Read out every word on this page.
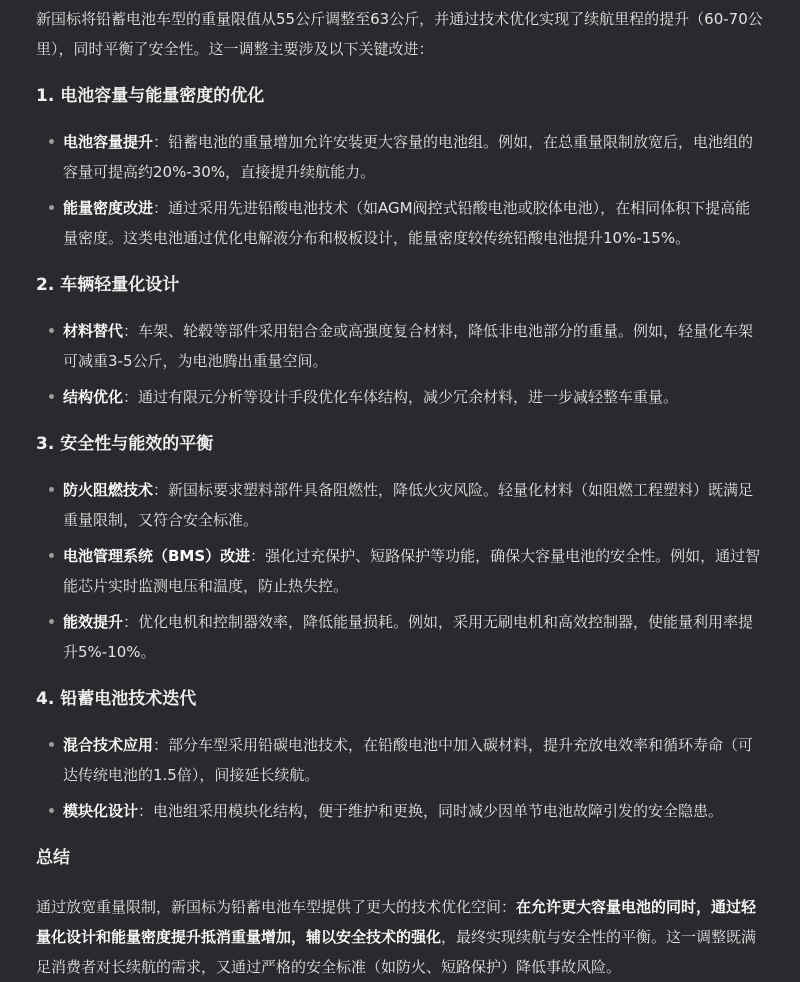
新国标将铅蓄电池车型的重量限值从55公斤调整至63公斤，并通过技术优化实现了续航里程的提升（60-70公里），同时平衡了安全性。这一调整主要涉及以下关键改进：

1. 电池容量与能量密度的优化
电池容量提升：铅蓄电池的重量增加允许安装更大容量的电池组。例如，在总重量限制放宽后，电池组的容量可提高约20%-30%，直接提升续航能力。
能量密度改进：通过采用先进铅酸电池技术（如AGM阀控式铅酸电池或胶体电池），在相同体积下提高能量密度。这类电池通过优化电解液分布和极板设计，能量密度较传统铅酸电池提升10%-15%。
2. 车辆轻量化设计
材料替代：车架、轮毂等部件采用铝合金或高强度复合材料，降低非电池部分的重量。例如，轻量化车架可减重3-5公斤，为电池腾出重量空间。
结构优化：通过有限元分析等设计手段优化车体结构，减少冗余材料，进一步减轻整车重量。
3. 安全性与能效的平衡
防火阻燃技术：新国标要求塑料部件具备阻燃性，降低火灾风险。轻量化材料（如阻燃工程塑料）既满足重量限制，又符合安全标准。
电池管理系统（BMS）改进：强化过充保护、短路保护等功能，确保大容量电池的安全性。例如，通过智能芯片实时监测电压和温度，防止热失控。
能效提升：优化电机和控制器效率，降低能量损耗。例如，采用无刷电机和高效控制器，使能量利用率提升5%-10%。
4. 铅蓄电池技术迭代
混合技术应用：部分车型采用铅碳电池技术，在铅酸电池中加入碳材料，提升充放电效率和循环寿命（可达传统电池的1.5倍），间接延长续航。
模块化设计：电池组采用模块化结构，便于维护和更换，同时减少因单节电池故障引发的安全隐患。
总结

通过放宽重量限制，新国标为铅蓄电池车型提供了更大的技术优化空间：在允许更大容量电池的同时，通过轻量化设计和能量密度提升抵消重量增加，辅以安全技术的强化，最终实现续航与安全性的平衡。这一调整既满足消费者对长续航的需求，又通过严格的安全标准（如防火、短路保护）降低事故风险。
